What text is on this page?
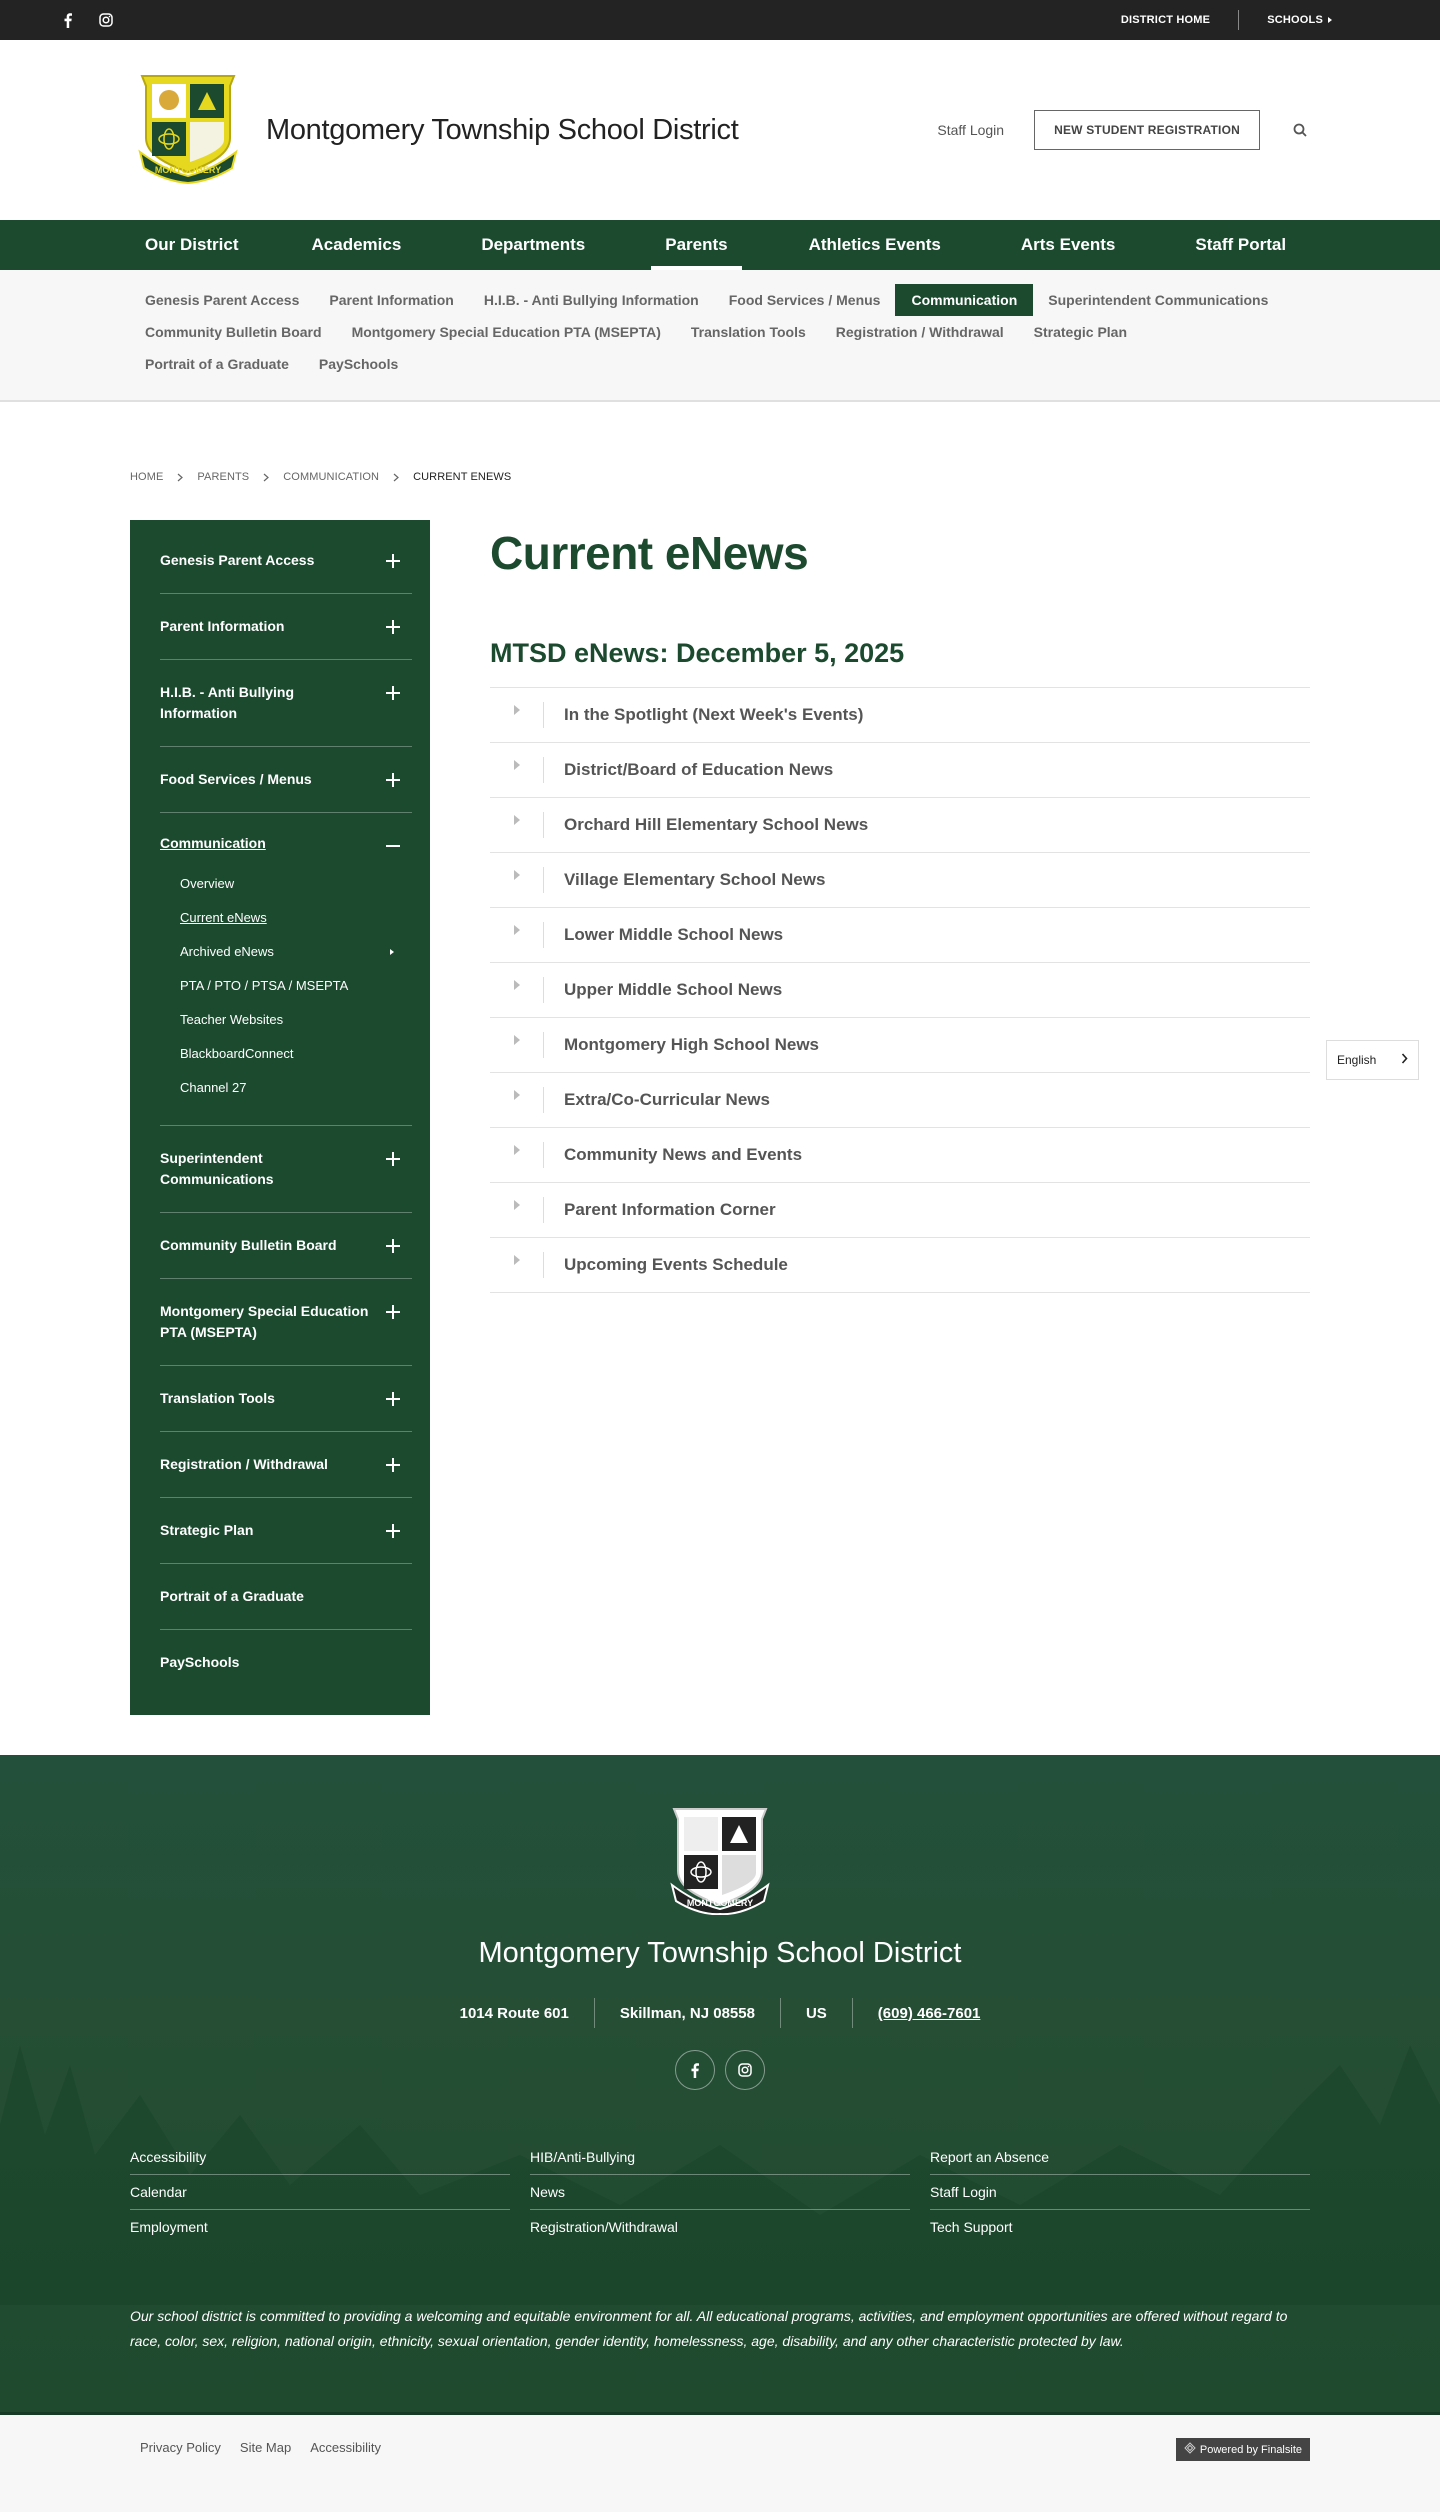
DISTRICT HOME	SCHOOLS
MONTGOMERY
Montgomery Township School District	Staff Login	NEW STUDENT REGISTRATION
Our District	Academics	Departments	Parents	Athletics Events	Arts Events	Staff Portal
Genesis Parent Access Parent Information H.I.B. - Anti Bullying Information Food Services / Menus	Communication	Superintendent Communications
Community Bulletin Board Montgomery Special Education PTA (MSEPTA) Translation Tools Registration / Withdrawal Strategic Plan
Portrait of a Graduate PaySchools
HOME	PARENTS	COMMUNICATION	CURRENT ENEWS
Genesis Parent Access
Parent Information
H.I.B. - Anti Bullying Information
Food Services / Menus
Communication
Overview
Current eNews
Archived eNews
PTA / PTO / PTSA / MSEPTA
Teacher Websites
BlackboardConnect
Channel 27
Superintendent Communications
Community Bulletin Board
Montgomery Special Education PTA (MSEPTA)
Translation Tools
Registration / Withdrawal
Strategic Plan
Portrait of a Graduate
PaySchools
Current eNews
MTSD eNews: December 5, 2025
In the Spotlight (Next Week's Events)
District/Board of Education News
Orchard Hill Elementary School News
Village Elementary School News
Lower Middle School News
Upper Middle School News
Montgomery High School News
Extra/Co-Curricular News
Community News and Events
Parent Information Corner
Upcoming Events Schedule
English
MONTGOMERY
Montgomery Township School District
1014 Route 601	Skillman, NJ 08558	US	(609) 466-7601
Accessibility
Calendar
Employment
HIB/Anti-Bullying
News
Registration/Withdrawal
Report an Absence
Staff Login
Tech Support

Our school district is committed to providing a welcoming and equitable environment for all. All educational programs, activities, and employment opportunities are offered without regard to race, color, sex, religion, national origin, ethnicity, sexual orientation, gender identity, homelessness, age, disability, and any other characteristic protected by law.

Privacy Policy Site Map Accessibility	Powered by Finalsite
